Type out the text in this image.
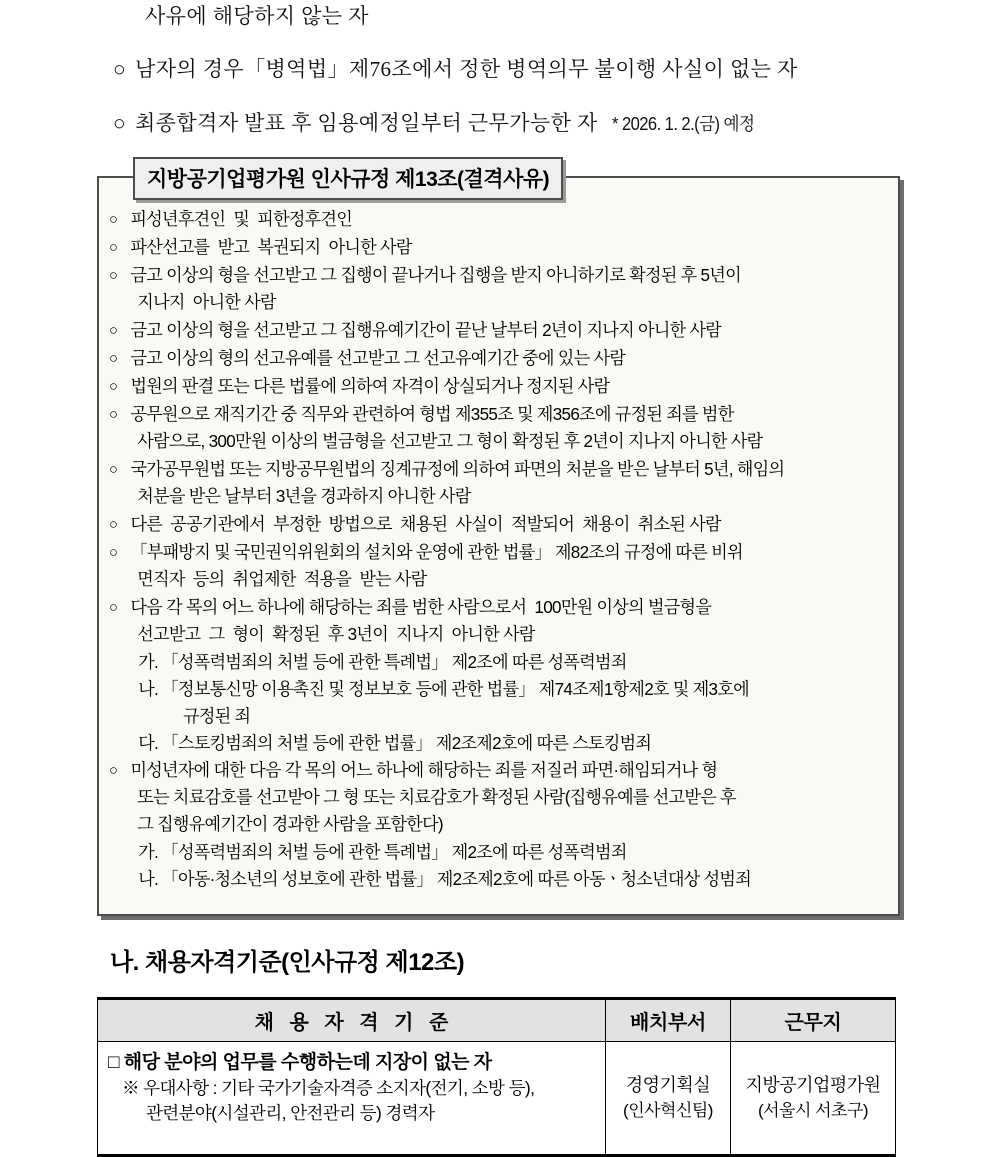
사유에 해당하지 않는 자
○ 남자의 경우「병역법」제76조에서 정한 병역의무 불이행 사실이 없는 자
○ 최종합격자 발표 후 임용예정일부터 근무가능한 자 * 2026. 1. 2.(금) 예정
지방공기업평가원 인사규정 제13조(결격사유)
○ 피성년후견인  및  피한정후견인
○ 파산선고를  받고  복권되지  아니한 사람
○ 금고 이상의 형을 선고받고 그 집행이 끝나거나 집행을 받지 아니하기로 확정된 후 5년이
지나지  아니한 사람
○ 금고 이상의 형을 선고받고 그 집행유예기간이 끝난 날부터 2년이 지나지 아니한 사람
○ 금고 이상의 형의 선고유예를 선고받고 그 선고유예기간 중에 있는 사람
○ 법원의 판결 또는 다른 법률에 의하여 자격이 상실되거나 정지된 사람
○ 공무원으로 재직기간 중 직무와 관련하여 형법 제355조 및 제356조에 규정된 죄를 범한
사람으로, 300만원 이상의 벌금형을 선고받고 그 형이 확정된 후 2년이 지나지 아니한 사람
○ 국가공무원법 또는 지방공무원법의 징계규정에 의하여 파면의 처분을 받은 날부터 5년, 해임의
처분을 받은 날부터 3년을 경과하지 아니한 사람
○ 다른  공공기관에서  부정한  방법으로  채용된  사실이  적발되어  채용이  취소된 사람
○ 「부패방지 및 국민권익위원회의 설치와 운영에 관한 법률」 제82조의 규정에 따른 비위
면직자  등의  취업제한  적용을  받는 사람
○ 다음 각 목의 어느 하나에 해당하는 죄를 범한 사람으로서  100만원 이상의 벌금형을
선고받고  그  형이  확정된  후 3년이  지나지  아니한 사람
가. 「성폭력범죄의 처벌 등에 관한 특례법」 제2조에 따른 성폭력범죄
나. 「정보통신망 이용촉진 및 정보보호 등에 관한 법률」 제74조제1항제2호 및 제3호에
규정된 죄
다. 「스토킹범죄의 처벌 등에 관한 법률」 제2조제2호에 따른 스토킹범죄
○ 미성년자에 대한 다음 각 목의 어느 하나에 해당하는 죄를 저질러 파면·해임되거나 형
또는 치료감호를 선고받아 그 형 또는 치료감호가 확정된 사람(집행유예를 선고받은 후
그 집행유예기간이 경과한 사람을 포함한다)
가. 「성폭력범죄의 처벌 등에 관한 특례법」 제2조에 따른 성폭력범죄
나. 「아동·청소년의 성보호에 관한 법률」 제2조제2호에 따른 아동ㆍ청소년대상 성범죄
나. 채용자격기준(인사규정 제12조)
채 용 자 격 기 준	배치부서	근무지

□ 해당 분야의 업무를 수행하는데 지장이 없는 자
※ 우대사항 : 기타 국가기술자격증 소지자(전기, 소방 등),
관련분야(시설관리, 안전관리 등) 경력자
	경영기획실
(인사혁신팀)
	지방공기업평가원
(서울시 서초구)
